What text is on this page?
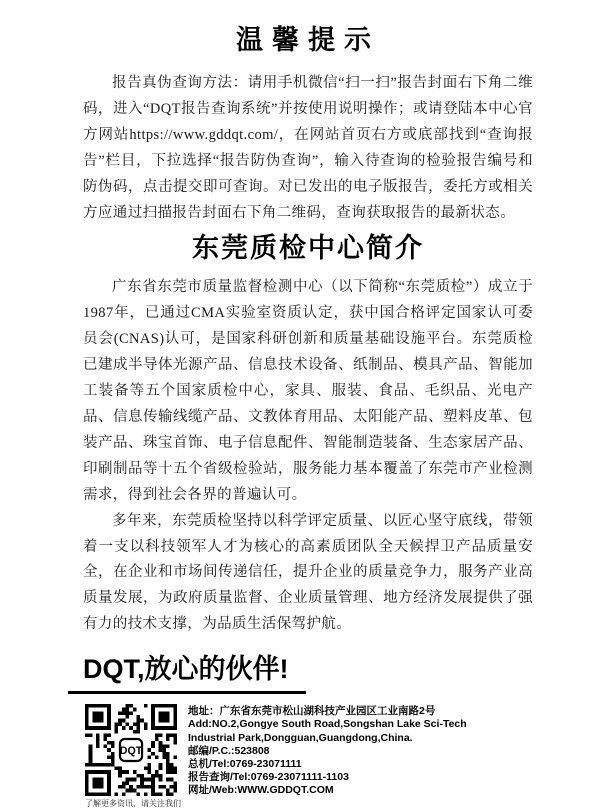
温馨提示

报告真伪查询方法：请用手机微信“扫一扫”报告封面右下角二维码，进入“DQT报告查询系统”并按使用说明操作；或请登陆本中心官方网站https://www.gddqt.com/，在网站首页右方或底部找到“查询报告”栏目，下拉选择“报告防伪查询”，输入待查询的检验报告编号和防伪码，点击提交即可查询。对已发出的电子版报告，委托方或相关方应通过扫描报告封面右下角二维码，查询获取报告的最新状态。

东莞质检中心简介

广东省东莞市质量监督检测中心（以下简称“东莞质检”）成立于1987年，已通过CMA实验室资质认定，获中国合格评定国家认可委员会(CNAS)认可，是国家科研创新和质量基础设施平台。东莞质检已建成半导体光源产品、信息技术设备、纸制品、模具产品、智能加工装备等五个国家质检中心，家具、服装、食品、毛织品、光电产品、信息传输线缆产品、文教体育用品、太阳能产品、塑料皮革、包装产品、珠宝首饰、电子信息配件、智能制造装备、生态家居产品、印刷制品等十五个省级检验站，服务能力基本覆盖了东莞市产业检测需求，得到社会各界的普遍认可。

多年来，东莞质检坚持以科学评定质量、以匠心坚守底线，带领着一支以科技领军人才为核心的高素质团队全天候捍卫产品质量安全，在企业和市场间传递信任，提升企业的质量竞争力，服务产业高质量发展，为政府质量监督、企业质量管理、地方经济发展提供了强有力的技术支撑，为品质生活保驾护航。

DQT,放心的伙伴!
DQT
了解更多资讯，请关注我们
地址：广东省东莞市松山湖科技产业园区工业南路2号
Add:NO.2,Gongye South Road,Songshan Lake Sci-Tech
Industrial Park,Dongguan,Guangdong,China.
邮编/P.C.:523808
总机/Tel:0769-23071111
报告查询/Tel:0769-23071111-1103
网址/Web:WWW.GDDQT.COM
